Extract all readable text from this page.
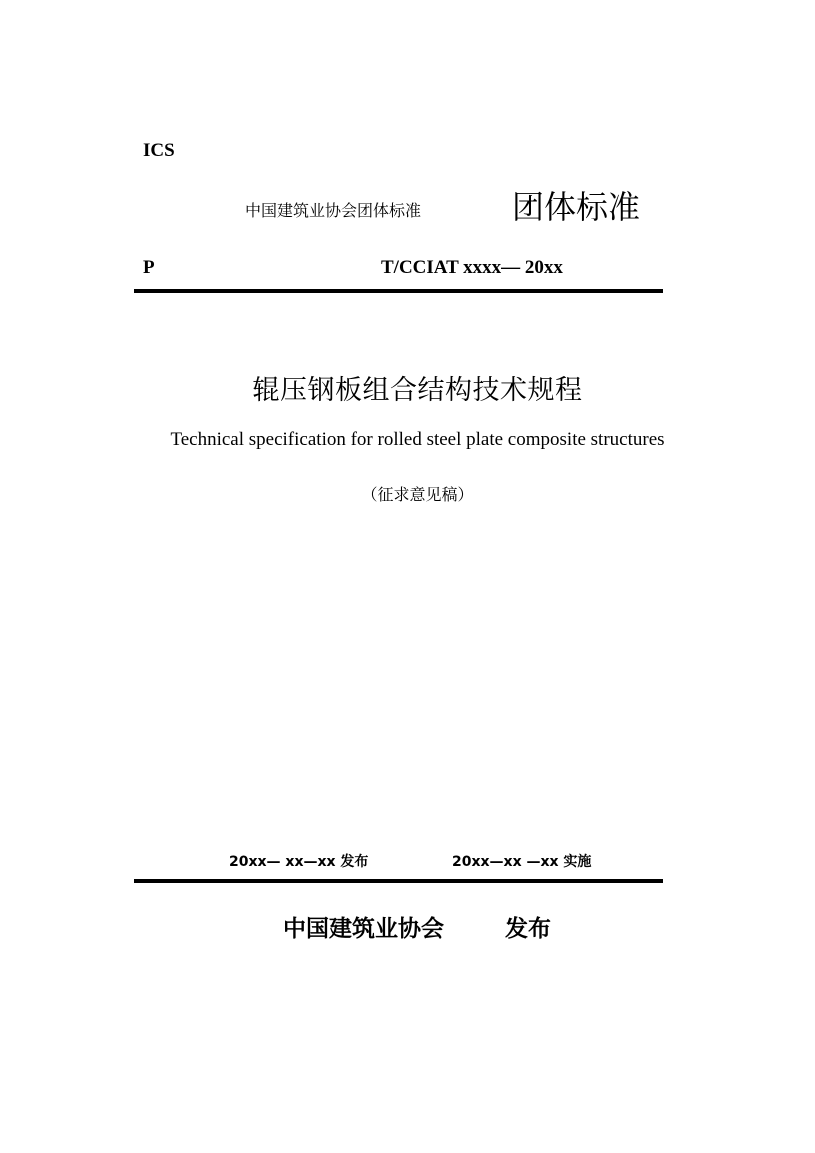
ICS
中国建筑业协会团体标准	团体标准
P	T/CCIAT xxxx— 20xx
辊压钢板组合结构技术规程
Technical specification for rolled steel plate composite structures
（征求意见稿）
20xx— xx—xx 发布	20xx—xx —xx 实施
中国建筑业协会	发布
